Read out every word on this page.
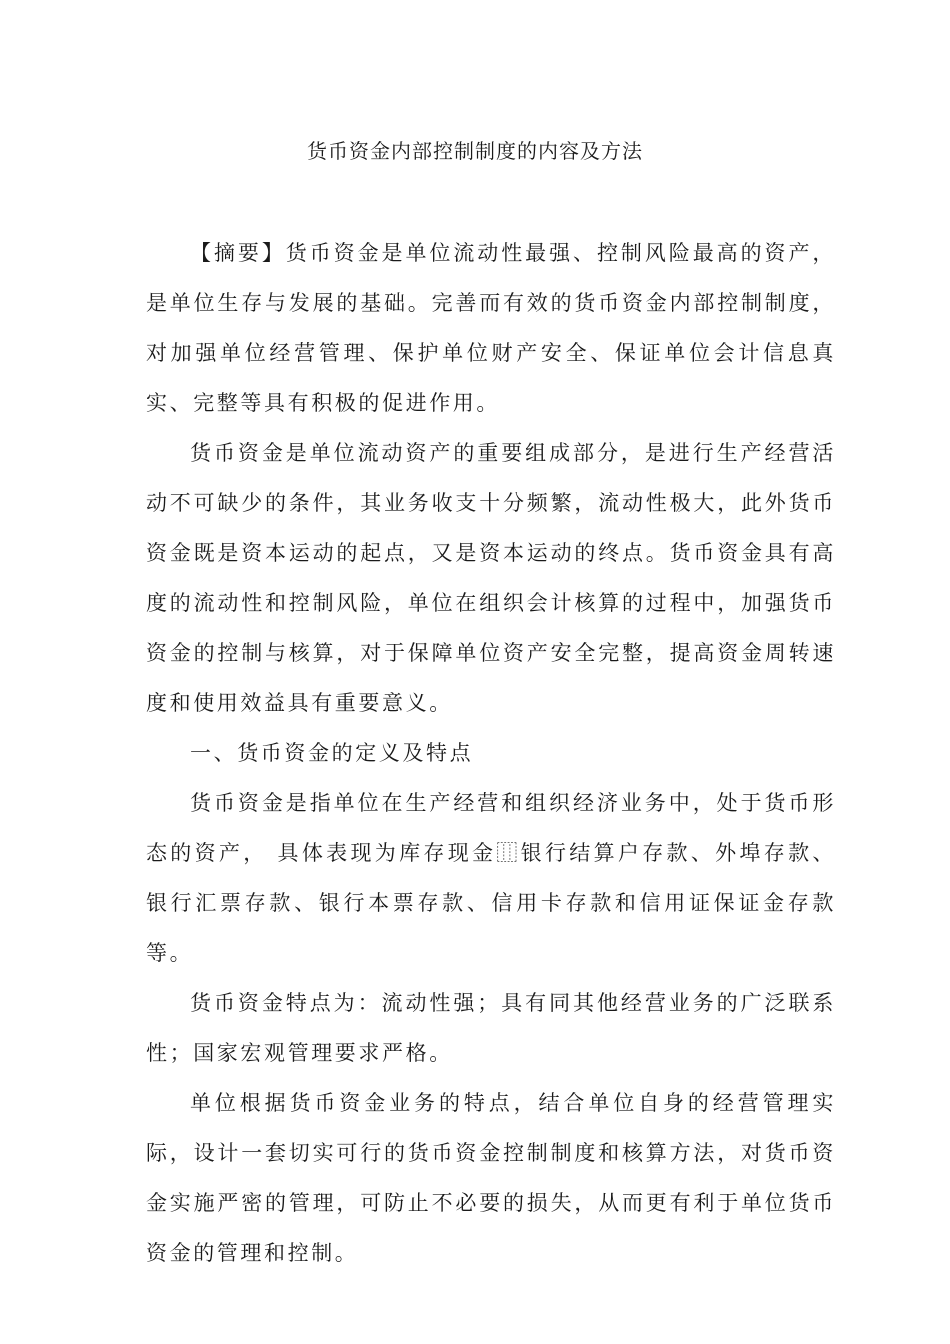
货币资金内部控制制度的内容及方法

【摘要】货币资金是单位流动性最强、控制风险最高的资产，是单位生存与发展的基础。完善而有效的货币资金内部控制制度，对加强单位经营管理、保护单位财产安全、保证单位会计信息真实、完整等具有积极的促进作用。

货币资金是单位流动资产的重要组成部分，是进行生产经营活动不可缺少的条件，其业务收支十分频繁，流动性极大，此外货币资金既是资本运动的起点，又是资本运动的终点。货币资金具有高度的流动性和控制风险，单位在组织会计核算的过程中，加强货币资金的控制与核算，对于保障单位资产安全完整，提高资金周转速度和使用效益具有重要意义。

一、货币资金的定义及特点

货币资金是指单位在生产经营和组织经济业务中，处于货币形态的资产， 具体表现为库存现金⿲银行结算户存款、外埠存款、银行汇票存款、银行本票存款、信用卡存款和信用证保证金存款等。

货币资金特点为：流动性强；具有同其他经营业务的广泛联系性；国家宏观管理要求严格。

单位根据货币资金业务的特点，结合单位自身的经营管理实际，设计一套切实可行的货币资金控制制度和核算方法，对货币资金实施严密的管理，可防止不必要的损失，从而更有利于单位货币资金的管理和控制。
